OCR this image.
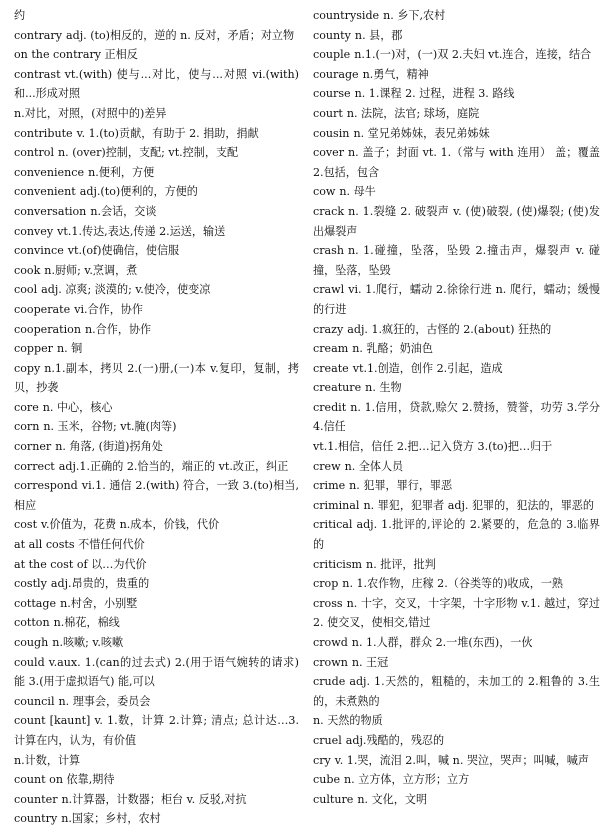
约

contrary adj. (to)相反的，逆的 n. 反对，矛盾；对立物

on the contrary 正相反

contrast vt.(with) 使与...对比，使与...对照 vi.(with)和...形成对照

n.对比，对照，(对照中的)差异

contribute v. 1.(to)贡献，有助于 2. 捐助，捐献

control n. (over)控制，支配; vt.控制，支配

convenience n.便利，方便

convenient adj.(to)便利的，方便的

conversation n.会话，交谈

convey vt.1.传达,表达,传递 2.运送，输送

convince vt.(of)使确信，使信服

cook n.厨师; v.烹调，煮

cool adj. 凉爽; 淡漠的; v.使冷，使变凉

cooperate vi.合作，协作

cooperation n.合作，协作

copper n. 铜

copy n.1.副本，拷贝 2.(一)册,(一)本 v.复印，复制，拷贝，抄袭

core n. 中心，核心

corn n. 玉米，谷物; vt.腌(肉等)

corner n. 角落, (街道)拐角处

correct adj.1.正确的 2.恰当的，端正的 vt.改正，纠正

correspond vi.1. 通信 2.(with) 符合，一致 3.(to)相当,相应

cost v.价值为，花费 n.成本，价钱，代价

at all costs 不惜任何代价

at the cost of 以…为代价

costly adj.昂贵的，贵重的

cottage n.村舍，小别墅

cotton n.棉花，棉线

cough n.咳嗽; v.咳嗽

could v.aux. 1.(can的过去式) 2.(用于语气婉转的请求)能 3.(用于虚拟语气) 能,可以

council n. 理事会，委员会

count [kaunt] v. 1.数，计算 2.计算; 清点; 总计达…3.计算在内，认为，有价值

n.计数，计算

count on 依靠,期待

counter n.计算器，计数器；柜台 v. 反驳,对抗

country n.国家；乡村，农村

countryside n. 乡下,农村

county n. 县，郡

couple n.1.(一)对，(一)双 2.夫妇 vt.连合，连接，结合

courage n.勇气，精神

course n. 1.课程 2. 过程，进程 3. 路线

court n. 法院，法官; 球场，庭院

cousin n. 堂兄弟姊妹，表兄弟姊妹

cover n. 盖子；封面 vt. 1.（常与 with 连用） 盖；覆盖 2.包括，包含

cow n. 母牛

crack n. 1.裂缝 2. 破裂声 v. (使)破裂, (使)爆裂; (使)发出爆裂声

crash n. 1.碰撞，坠落，坠毁 2.撞击声，爆裂声 v. 碰撞，坠落，坠毁

crawl vi. 1.爬行，蠕动 2.徐徐行进 n. 爬行，蠕动；缓慢的行进

crazy adj. 1.疯狂的，古怪的 2.(about) 狂热的

cream n. 乳酪；奶油色

create vt.1.创造，创作 2.引起，造成

creature n. 生物

credit n. 1.信用，贷款,赊欠 2.赞扬，赞誉，功劳 3.学分 4.信任

vt.1.相信，信任 2.把…记入贷方 3.(to)把…归于

crew n. 全体人员

crime n. 犯罪，罪行，罪恶

criminal n. 罪犯，犯罪者 adj. 犯罪的，犯法的，罪恶的

critical adj. 1.批评的,评论的 2.紧要的，危急的 3.临界的

criticism n. 批评，批判

crop n. 1.农作物，庄稼 2.（谷类等的)收成，一熟

cross n. 十字，交叉，十字架，十字形物 v.1. 越过，穿过 2. 使交叉，使相交,错过

crowd n. 1.人群，群众 2.一堆(东西)，一伙

crown n. 王冠

crude adj. 1.天然的，粗糙的，未加工的 2.粗鲁的 3.生的，未煮熟的

n. 天然的物质

cruel adj.残酷的，残忍的

cry v. 1.哭，流泪 2.叫，喊 n. 哭泣，哭声；叫喊，喊声

cube n. 立方体，立方形；立方

culture n. 文化，文明
